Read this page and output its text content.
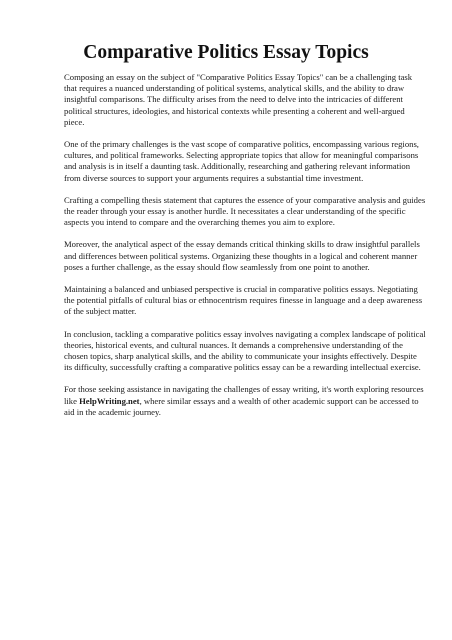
Comparative Politics Essay Topics

Composing an essay on the subject of "Comparative Politics Essay Topics" can be a challenging task that requires a nuanced understanding of political systems, analytical skills, and the ability to draw insightful comparisons. The difficulty arises from the need to delve into the intricacies of different political structures, ideologies, and historical contexts while presenting a coherent and well-argued piece.

One of the primary challenges is the vast scope of comparative politics, encompassing various regions, cultures, and political frameworks. Selecting appropriate topics that allow for meaningful comparisons and analysis is in itself a daunting task. Additionally, researching and gathering relevant information from diverse sources to support your arguments requires a substantial time investment.

Crafting a compelling thesis statement that captures the essence of your comparative analysis and guides the reader through your essay is another hurdle. It necessitates a clear understanding of the specific aspects you intend to compare and the overarching themes you aim to explore.

Moreover, the analytical aspect of the essay demands critical thinking skills to draw insightful parallels and differences between political systems. Organizing these thoughts in a logical and coherent manner poses a further challenge, as the essay should flow seamlessly from one point to another.

Maintaining a balanced and unbiased perspective is crucial in comparative politics essays. Negotiating the potential pitfalls of cultural bias or ethnocentrism requires finesse in language and a deep awareness of the subject matter.

In conclusion, tackling a comparative politics essay involves navigating a complex landscape of political theories, historical events, and cultural nuances. It demands a comprehensive understanding of the chosen topics, sharp analytical skills, and the ability to communicate your insights effectively. Despite its difficulty, successfully crafting a comparative politics essay can be a rewarding intellectual exercise.

For those seeking assistance in navigating the challenges of essay writing, it's worth exploring resources like HelpWriting.net, where similar essays and a wealth of other academic support can be accessed to aid in the academic journey.
